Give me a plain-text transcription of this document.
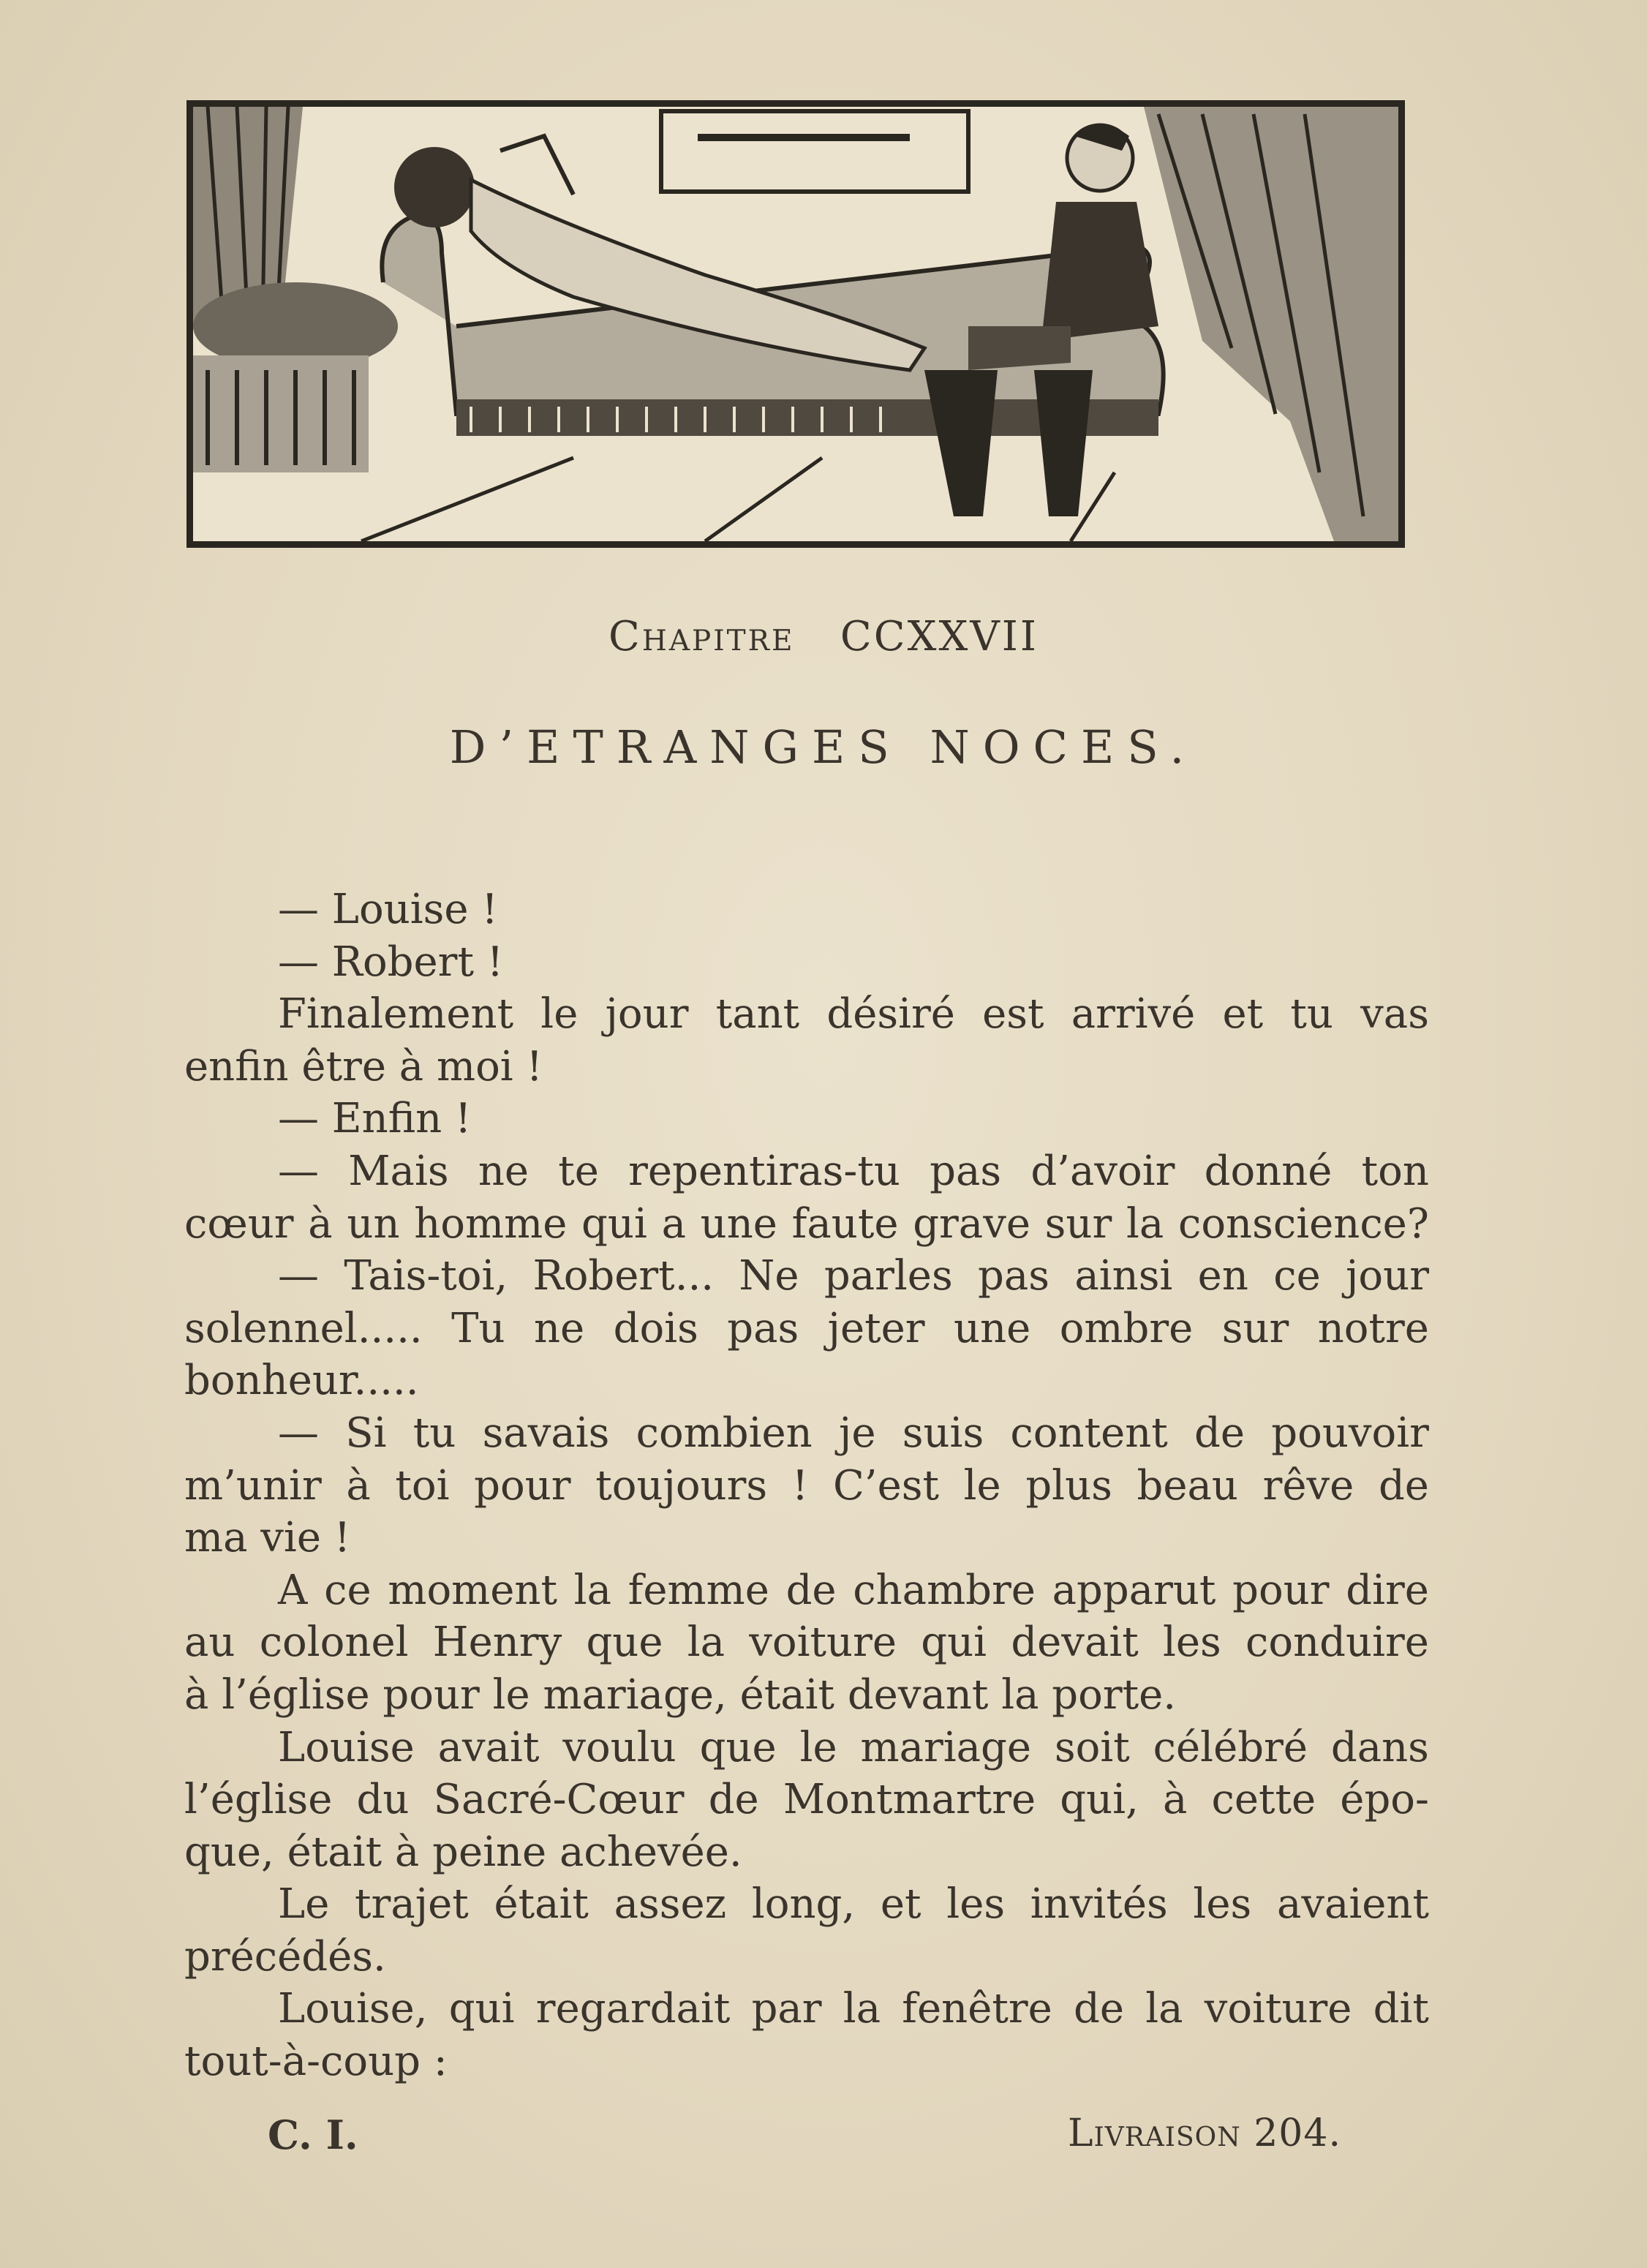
Chapitre CCXXVII
D’ETRANGES NOCES.
— Louise !
— Robert !
Finalement le jour tant désiré est arrivé et tu vas
enfin être à moi !
— Enfin !
— Mais ne te repentiras-tu pas d’avoir donné ton
cœur à un homme qui a une faute grave sur la conscience?
— Tais-toi, Robert... Ne parles pas ainsi en ce jour
solennel..... Tu ne dois pas jeter une ombre sur notre
bonheur.....
— Si tu savais combien je suis content de pouvoir
m’unir à toi pour toujours ! C’est le plus beau rêve de
ma vie !
A ce moment la femme de chambre apparut pour dire
au colonel Henry que la voiture qui devait les conduire
à l’église pour le mariage, était devant la porte.
Louise avait voulu que le mariage soit célébré dans
l’église du Sacré-Cœur de Montmartre qui, à cette épo-
que, était à peine achevée.
Le trajet était assez long, et les invités les avaient
précédés.
Louise, qui regardait par la fenêtre de la voiture dit
tout-à-coup :
C. I.	Livraison 204.
